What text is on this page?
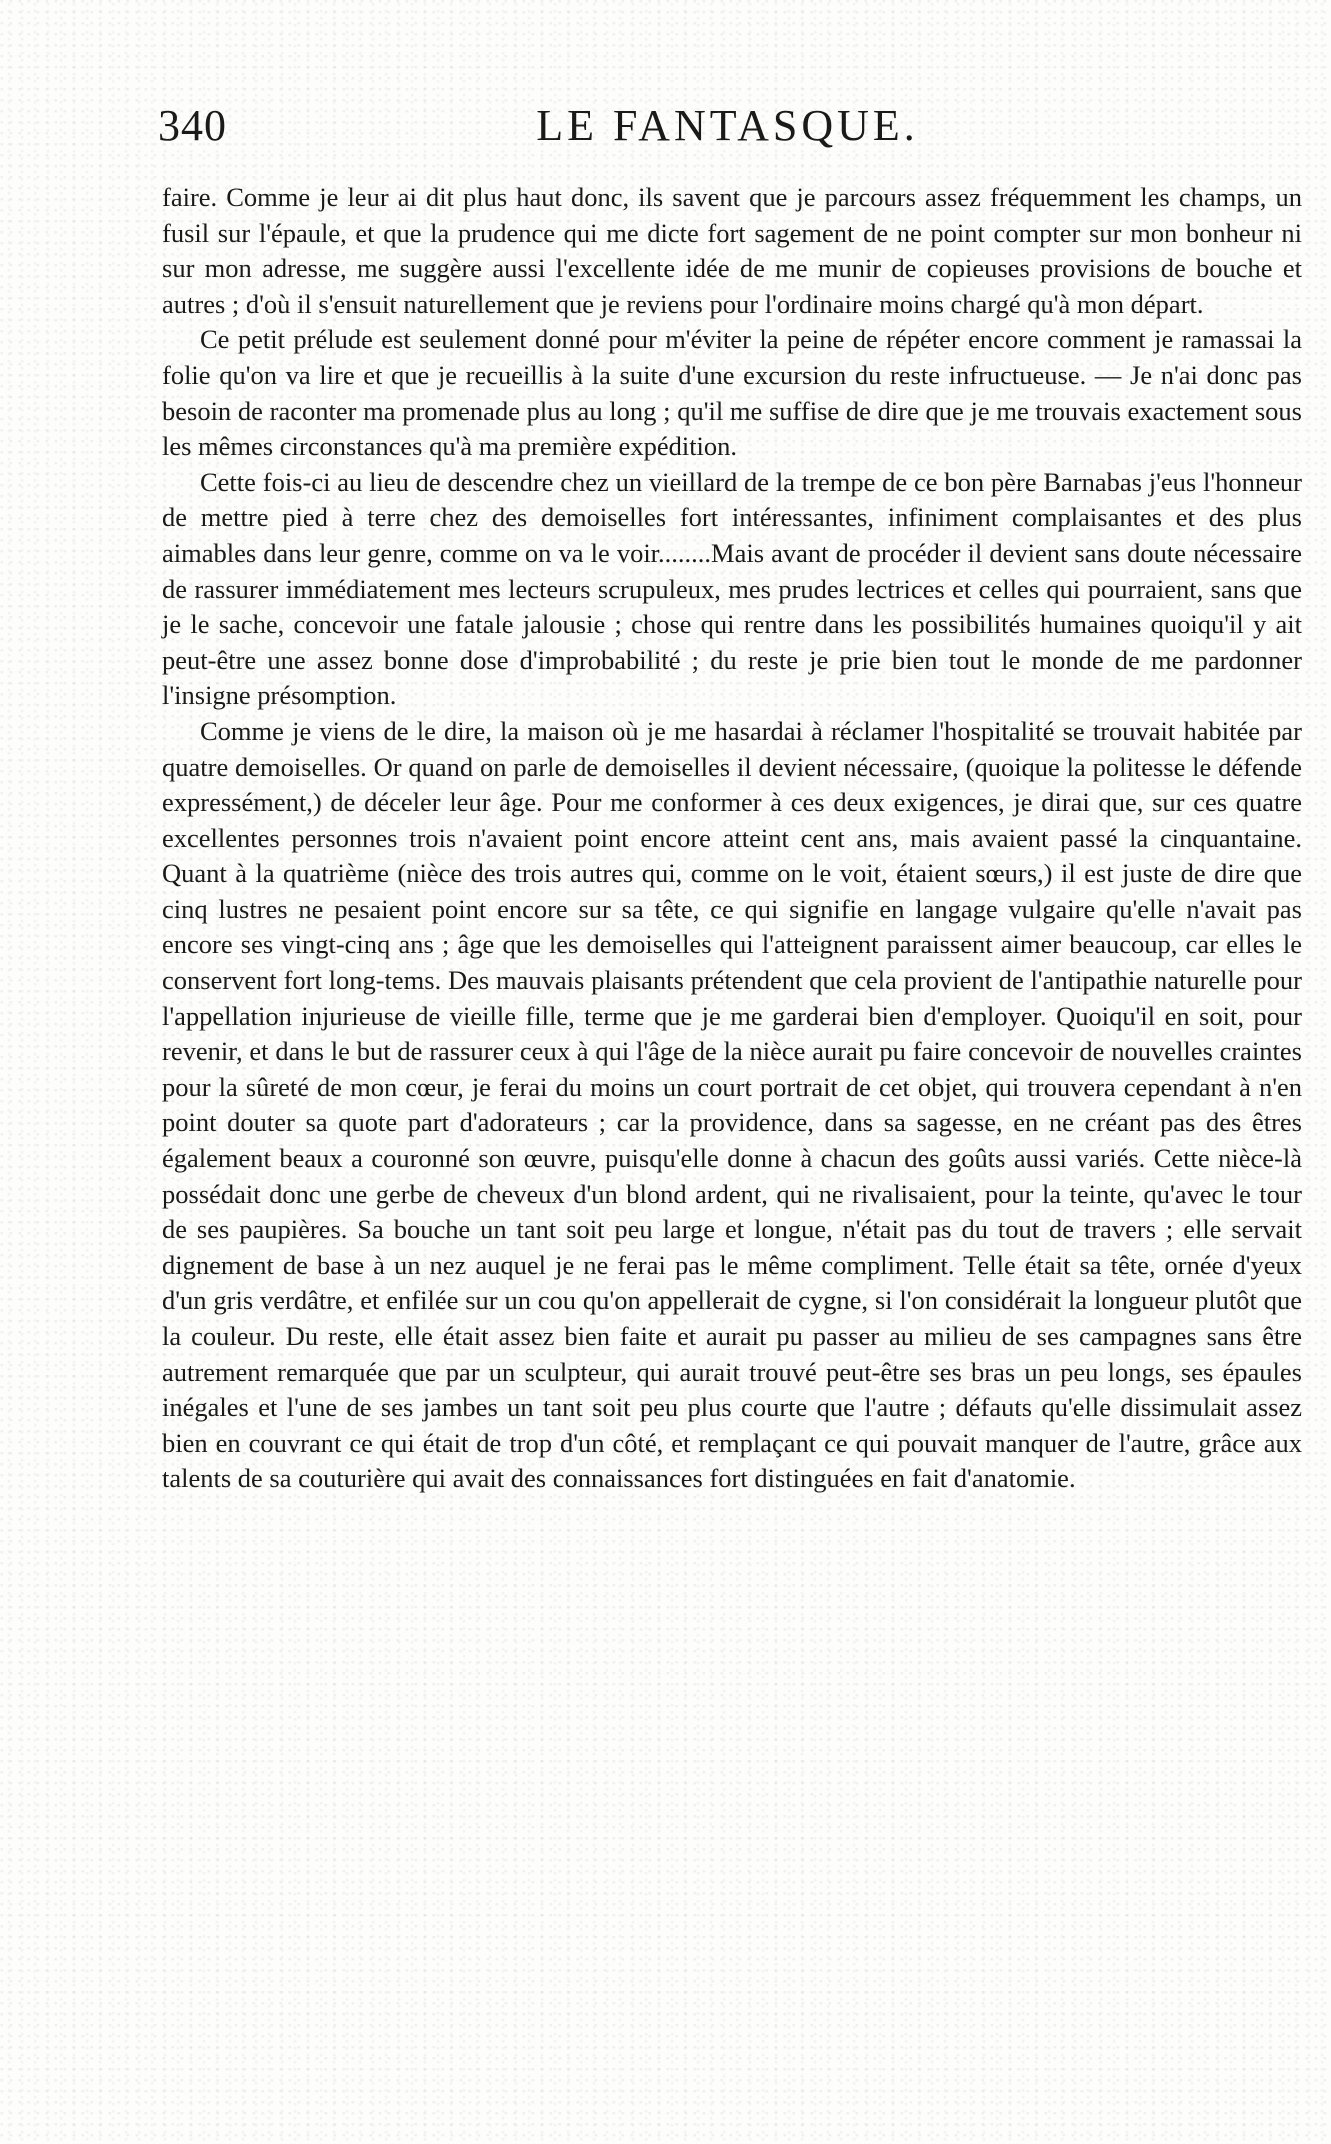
340	LE FANTASQUE.

faire. Comme je leur ai dit plus haut donc, ils savent que je parcours assez fréquemment les champs, un fusil sur l'épaule, et que la prudence qui me dicte fort sagement de ne point compter sur mon bonheur ni sur mon adresse, me suggère aussi l'excellente idée de me munir de copieuses provisions de bouche et autres ; d'où il s'ensuit naturellement que je reviens pour l'ordinaire moins chargé qu'à mon départ.

Ce petit prélude est seulement donné pour m'éviter la peine de répéter encore comment je ramassai la folie qu'on va lire et que je recueillis à la suite d'une excursion du reste infructueuse. — Je n'ai donc pas besoin de raconter ma promenade plus au long ; qu'il me suffise de dire que je me trouvais exactement sous les mêmes circonstances qu'à ma première expédition.

Cette fois-ci au lieu de descendre chez un vieillard de la trempe de ce bon père Barnabas j'eus l'honneur de mettre pied à terre chez des demoiselles fort intéressantes, infiniment complaisantes et des plus aimables dans leur genre, comme on va le voir........Mais avant de procéder il devient sans doute nécessaire de rassurer immédiatement mes lecteurs scrupuleux, mes prudes lectrices et celles qui pourraient, sans que je le sache, concevoir une fatale jalousie ; chose qui rentre dans les possibilités humaines quoiqu'il y ait peut-être une assez bonne dose d'improbabilité ; du reste je prie bien tout le monde de me pardonner l'insigne présomption.

Comme je viens de le dire, la maison où je me hasardai à réclamer l'hospitalité se trouvait habitée par quatre demoiselles. Or quand on parle de demoiselles il devient nécessaire, (quoique la politesse le défende expressément,) de déceler leur âge. Pour me conformer à ces deux exigences, je dirai que, sur ces quatre excellentes personnes trois n'avaient point encore atteint cent ans, mais avaient passé la cinquantaine. Quant à la quatrième (nièce des trois autres qui, comme on le voit, étaient sœurs,) il est juste de dire que cinq lustres ne pesaient point encore sur sa tête, ce qui signifie en langage vulgaire qu'elle n'avait pas encore ses vingt-cinq ans ; âge que les demoiselles qui l'atteignent paraissent aimer beaucoup, car elles le conservent fort long-tems. Des mauvais plaisants prétendent que cela provient de l'antipathie naturelle pour l'appellation injurieuse de vieille fille, terme que je me garderai bien d'employer. Quoiqu'il en soit, pour revenir, et dans le but de rassurer ceux à qui l'âge de la nièce aurait pu faire concevoir de nouvelles craintes pour la sûreté de mon cœur, je ferai du moins un court portrait de cet objet, qui trouvera cependant à n'en point douter sa quote part d'adorateurs ; car la providence, dans sa sagesse, en ne créant pas des êtres également beaux a couronné son œuvre, puisqu'elle donne à chacun des goûts aussi variés. Cette nièce-là possédait donc une gerbe de cheveux d'un blond ardent, qui ne rivalisaient, pour la teinte, qu'avec le tour de ses paupières. Sa bouche un tant soit peu large et longue, n'était pas du tout de travers ; elle servait dignement de base à un nez auquel je ne ferai pas le même compliment. Telle était sa tête, ornée d'yeux d'un gris verdâtre, et enfilée sur un cou qu'on appellerait de cygne, si l'on considérait la longueur plutôt que la couleur. Du reste, elle était assez bien faite et aurait pu passer au milieu de ses campagnes sans être autrement remarquée que par un sculpteur, qui aurait trouvé peut-être ses bras un peu longs, ses épaules inégales et l'une de ses jambes un tant soit peu plus courte que l'autre ; défauts qu'elle dissimulait assez bien en couvrant ce qui était de trop d'un côté, et remplaçant ce qui pouvait manquer de l'autre, grâce aux talents de sa couturière qui avait des connaissances fort distinguées en fait d'anatomie.
